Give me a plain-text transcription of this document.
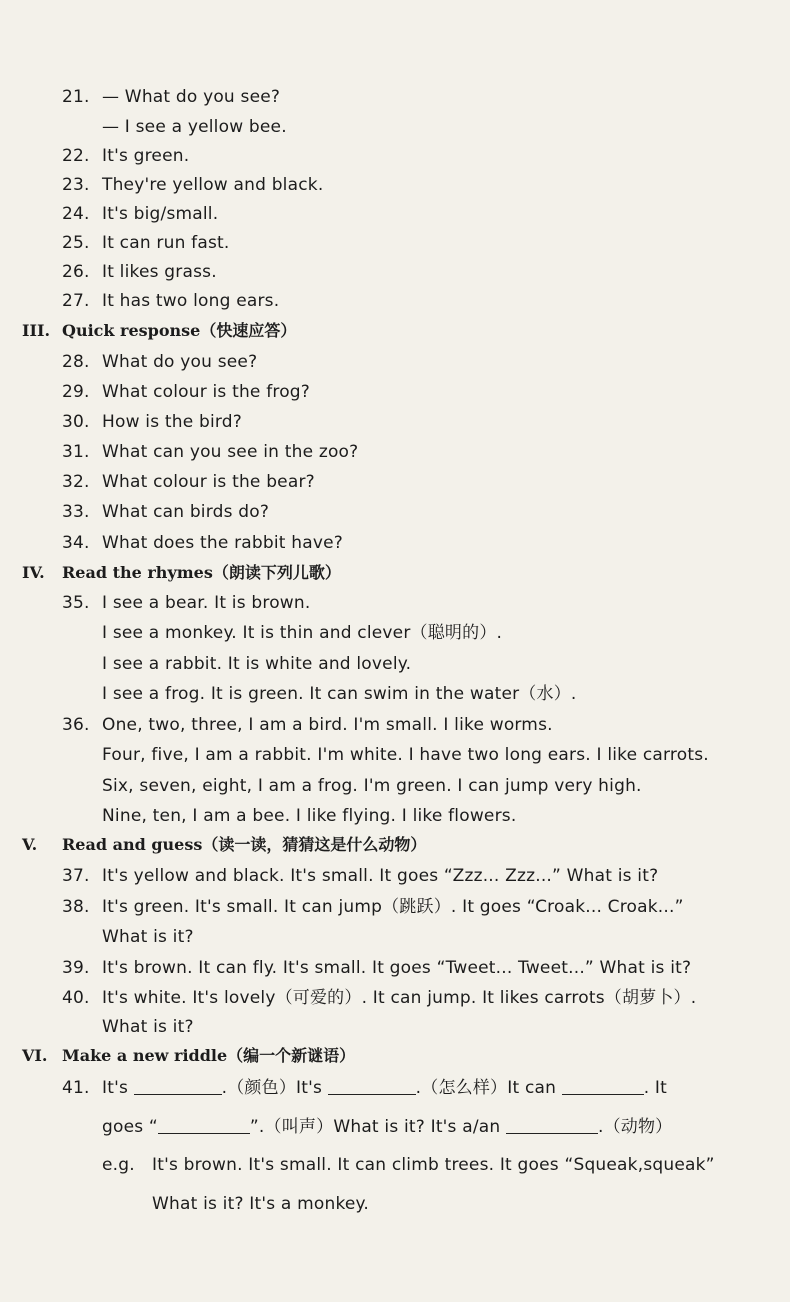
21. — What do you see?
— I see a yellow bee.
22. It's green.
23. They're yellow and black.
24. It's big/small.
25. It can run fast.
26. It likes grass.
27. It has two long ears.
III. Quick response（快速应答）
28. What do you see?
29. What colour is the frog?
30. How is the bird?
31. What can you see in the zoo?
32. What colour is the bear?
33. What can birds do?
34. What does the rabbit have?
IV. Read the rhymes（朗读下列儿歌）
35. I see a bear. It is brown.
I see a monkey. It is thin and clever（聪明的）.
I see a rabbit. It is white and lovely.
I see a frog. It is green. It can swim in the water（水）.
36. One, two, three, I am a bird. I'm small. I like worms.
Four, five, I am a rabbit. I'm white. I have two long ears. I like carrots.
Six, seven, eight, I am a frog. I'm green. I can jump very high.
Nine, ten, I am a bee. I like flying. I like flowers.
V. Read and guess（读一读，猜猜这是什么动物）
37. It's yellow and black. It's small. It goes “Zzz... Zzz...” What is it?
38. It's green. It's small. It can jump（跳跃）. It goes “Croak... Croak...”
What is it?
39. It's brown. It can fly. It's small. It goes “Tweet... Tweet...” What is it?
40. It's white. It's lovely（可爱的）. It can jump. It likes carrots（胡萝卜）.
What is it?
VI. Make a new riddle（编一个新谜语）
41. It's	.（颜色）It's	.（怎么样）It can	. It
goes “	”.（叫声）What is it? It's a/an	.（动物）
e.g. It's brown. It's small. It can climb trees. It goes “Squeak,squeak”
What is it? It's a monkey.
